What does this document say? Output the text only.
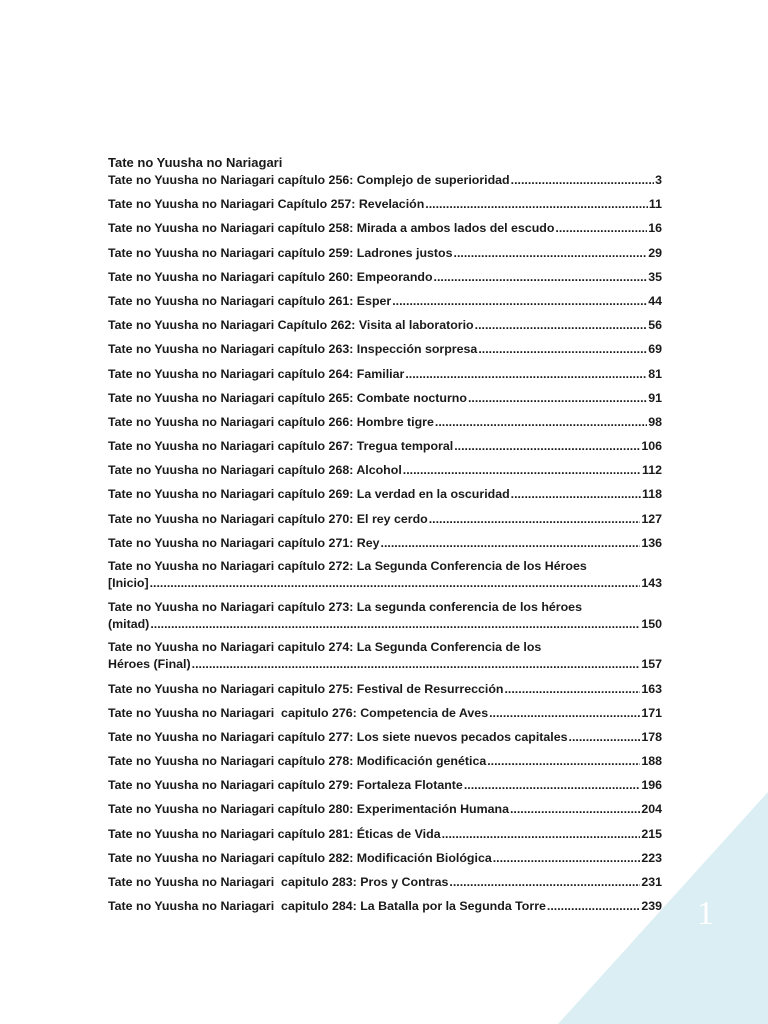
Tate no Yuusha no Nariagari
Tate no Yuusha no Nariagari capítulo 256: Complejo de superioridad .....	3
Tate no Yuusha no Nariagari Capítulo 257: Revelación .....	11
Tate no Yuusha no Nariagari capítulo 258: Mirada a ambos lados del escudo .....	16
Tate no Yuusha no Nariagari capítulo 259: Ladrones justos .....	29
Tate no Yuusha no Nariagari capítulo 260: Empeorando .....	35
Tate no Yuusha no Nariagari capítulo 261: Esper .....	44
Tate no Yuusha no Nariagari Capítulo 262: Visita al laboratorio .....	56
Tate no Yuusha no Nariagari capítulo 263: Inspección sorpresa .....	69
Tate no Yuusha no Nariagari capítulo 264: Familiar .....	81
Tate no Yuusha no Nariagari capítulo 265: Combate nocturno .....	91
Tate no Yuusha no Nariagari capítulo 266: Hombre tigre .....	98
Tate no Yuusha no Nariagari capítulo 267: Tregua temporal .....	106
Tate no Yuusha no Nariagari capítulo 268: Alcohol .....	112
Tate no Yuusha no Nariagari capítulo 269: La verdad en la oscuridad .....	118
Tate no Yuusha no Nariagari capítulo 270: El rey cerdo .....	127
Tate no Yuusha no Nariagari capítulo 271: Rey .....	136
Tate no Yuusha no Nariagari capítulo 272: La Segunda Conferencia de los Héroes
[Inicio] .....	143
Tate no Yuusha no Nariagari capítulo 273: La segunda conferencia de los héroes
(mitad) .....	150
Tate no Yuusha no Nariagari capitulo 274: La Segunda Conferencia de los
Héroes (Final) .....	157
Tate no Yuusha no Nariagari capitulo 275: Festival de Resurrección .....	163
Tate no Yuusha no Nariagari  capitulo 276: Competencia de Aves .....	171
Tate no Yuusha no Nariagari capítulo 277: Los siete nuevos pecados capitales .....	178
Tate no Yuusha no Nariagari capítulo 278: Modificación genética .....	188
Tate no Yuusha no Nariagari capítulo 279: Fortaleza Flotante .....	196
Tate no Yuusha no Nariagari capítulo 280: Experimentación Humana .....	204
Tate no Yuusha no Nariagari capítulo 281: Éticas de Vida .....	215
Tate no Yuusha no Nariagari capítulo 282: Modificación Biológica .....	223
Tate no Yuusha no Nariagari  capitulo 283: Pros y Contras .....	231
Tate no Yuusha no Nariagari  capitulo 284: La Batalla por la Segunda Torre .....	239 1
